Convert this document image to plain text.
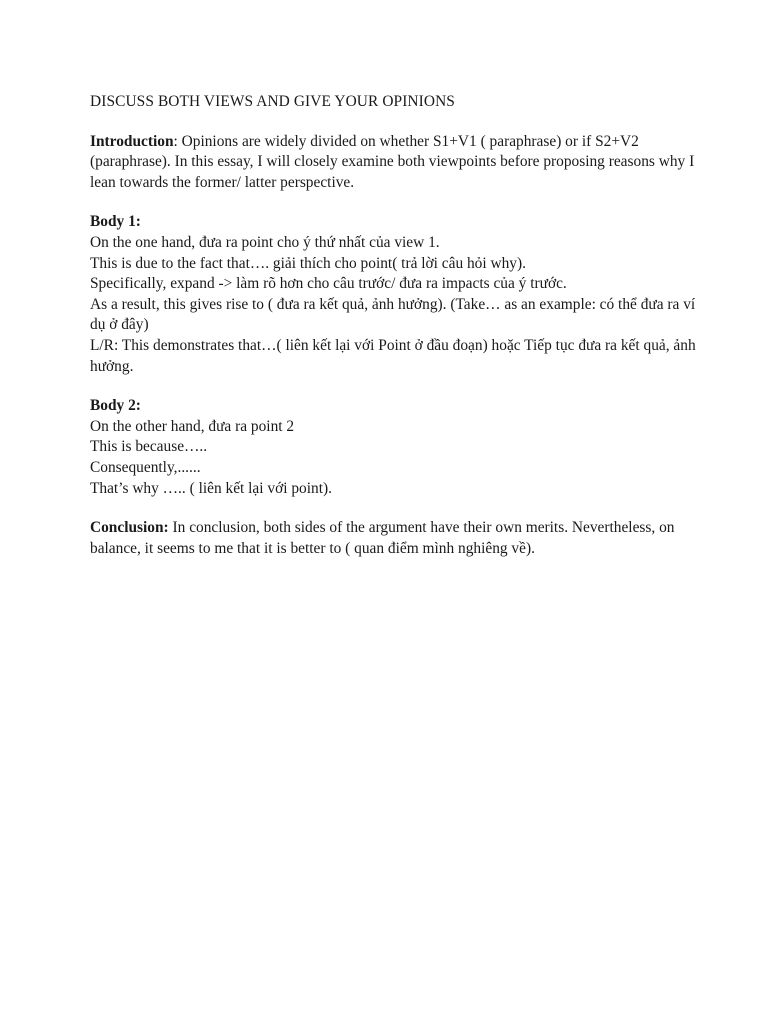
DISCUSS BOTH VIEWS AND GIVE YOUR OPINIONS

Introduction: Opinions are widely divided on whether S1+V1 ( paraphrase) or if S2+V2 (paraphrase). In this essay, I will closely examine both viewpoints before proposing reasons why I lean towards the former/ latter perspective.

Body 1:

On the one hand, đưa ra point cho ý thứ nhất của view 1.

This is due to the fact that…. giải thích cho point( trả lời câu hỏi why).

Specifically, expand -> làm rõ hơn cho câu trước/ đưa ra impacts của ý trước.

As a result, this gives rise to ( đưa ra kết quả, ảnh hưởng). (Take… as an example: có thể đưa ra ví dụ ở đây)

L/R: This demonstrates that…( liên kết lại với Point ở đầu đoạn) hoặc Tiếp tục đưa ra kết quả, ảnh hưởng.

Body 2:

On the other hand, đưa ra point 2

This is because…..

Consequently,......

That’s why ….. ( liên kết lại với point).

Conclusion: In conclusion, both sides of the argument have their own merits. Nevertheless, on balance, it seems to me that it is better to ( quan điểm mình nghiêng về).
